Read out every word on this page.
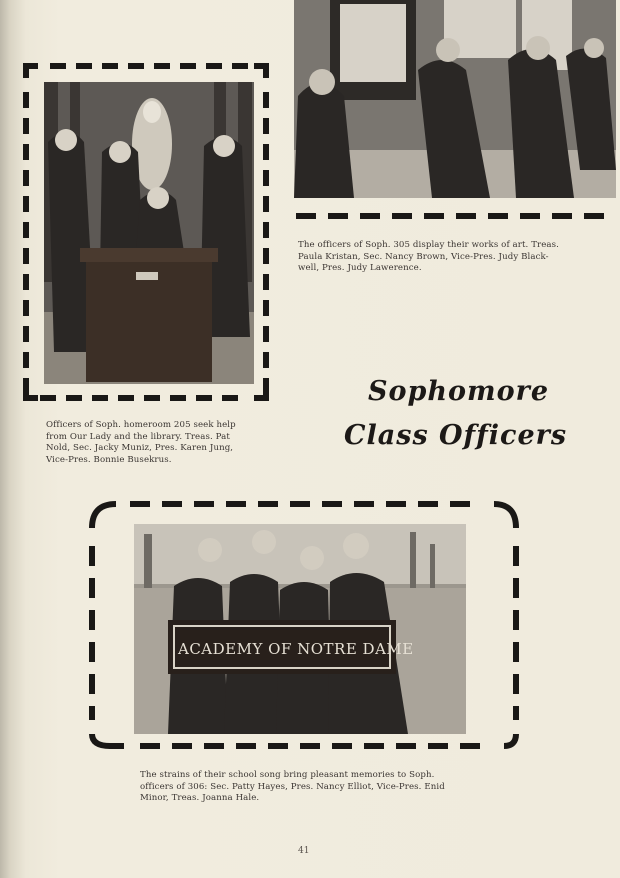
ACADEMY OF NOTRE DAME
Officers of Soph. homeroom 205 seek help
from Our Lady and the library. Treas. Pat
Nold, Sec. Jacky Muniz, Pres. Karen Jung,
Vice-Pres. Bonnie Busekrus.
The officers of Soph. 305 display their works of art. Treas.
Paula Kristan, Sec. Nancy Brown, Vice-Pres. Judy Black-
well, Pres. Judy Lawerence.
The strains of their school song bring pleasant memories to Soph.
officers of 306: Sec. Patty Hayes, Pres. Nancy Elliot, Vice-Pres. Enid
Minor, Treas. Joanna Hale.
Sophomore
Class Officers
41
